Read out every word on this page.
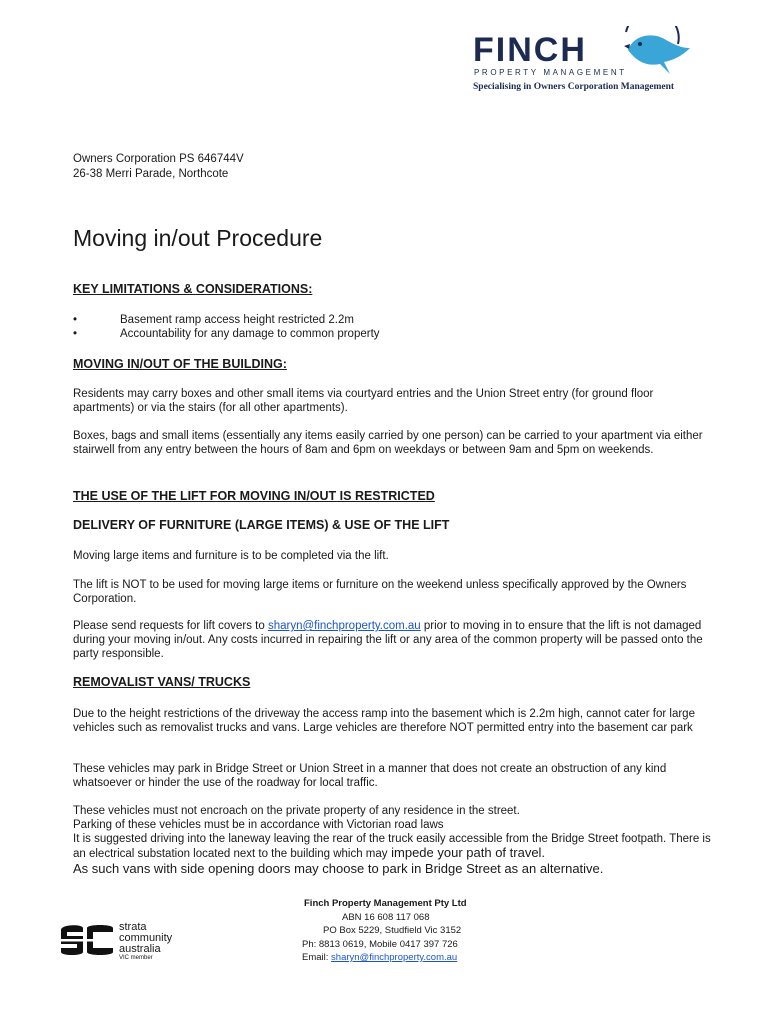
FINCH
PROPERTY MANAGEMENT
Specialising in Owners Corporation Management
Owners Corporation PS 646744V
26-38 Merri Parade, Northcote
Moving in/out Procedure
KEY LIMITATIONS & CONSIDERATIONS:
•	Basement ramp access height restricted 2.2m
•	Accountability for any damage to common property
MOVING IN/OUT OF THE BUILDING:
Residents may carry boxes and other small items via courtyard entries and the Union Street entry (for ground floor apartments) or via the stairs (for all other apartments).
Boxes, bags and small items (essentially any items easily carried by one person) can be carried to your apartment via either stairwell from any entry between the hours of 8am and 6pm on weekdays or between 9am and 5pm on weekends.
THE USE OF THE LIFT FOR MOVING IN/OUT IS RESTRICTED
DELIVERY OF FURNITURE (LARGE ITEMS) & USE OF THE LIFT
Moving large items and furniture is to be completed via the lift.
The lift is NOT to be used for moving large items or furniture on the weekend unless specifically approved by the Owners Corporation.
Please send requests for lift covers to sharyn@finchproperty.com.au prior to moving in to ensure that the lift is not damaged during your moving in/out. Any costs incurred in repairing the lift or any area of the common property will be passed onto the party responsible.
REMOVALIST VANS/ TRUCKS
Due to the height restrictions of the driveway the access ramp into the basement which is 2.2m high, cannot cater for large vehicles such as removalist trucks and vans. Large vehicles are therefore NOT permitted entry into the basement car park
These vehicles may park in Bridge Street or Union Street in a manner that does not create an obstruction of any kind whatsoever or hinder the use of the roadway for local traffic.
These vehicles must not encroach on the private property of any residence in the street.
Parking of these vehicles must be in accordance with Victorian road laws
It is suggested driving into the laneway leaving the rear of the truck easily accessible from the Bridge Street footpath. There is an electrical substation located next to the building which may impede your path of travel.
As such vans with side opening doors may choose to park in Bridge Street as an alternative.
strata
community
australia
VIC member
Finch Property Management Pty Ltd
ABN 16 608 117 068
PO Box 5229, Studfield Vic 3152
Ph: 8813 0619, Mobile 0417 397 726
Email: sharyn@finchproperty.com.au
